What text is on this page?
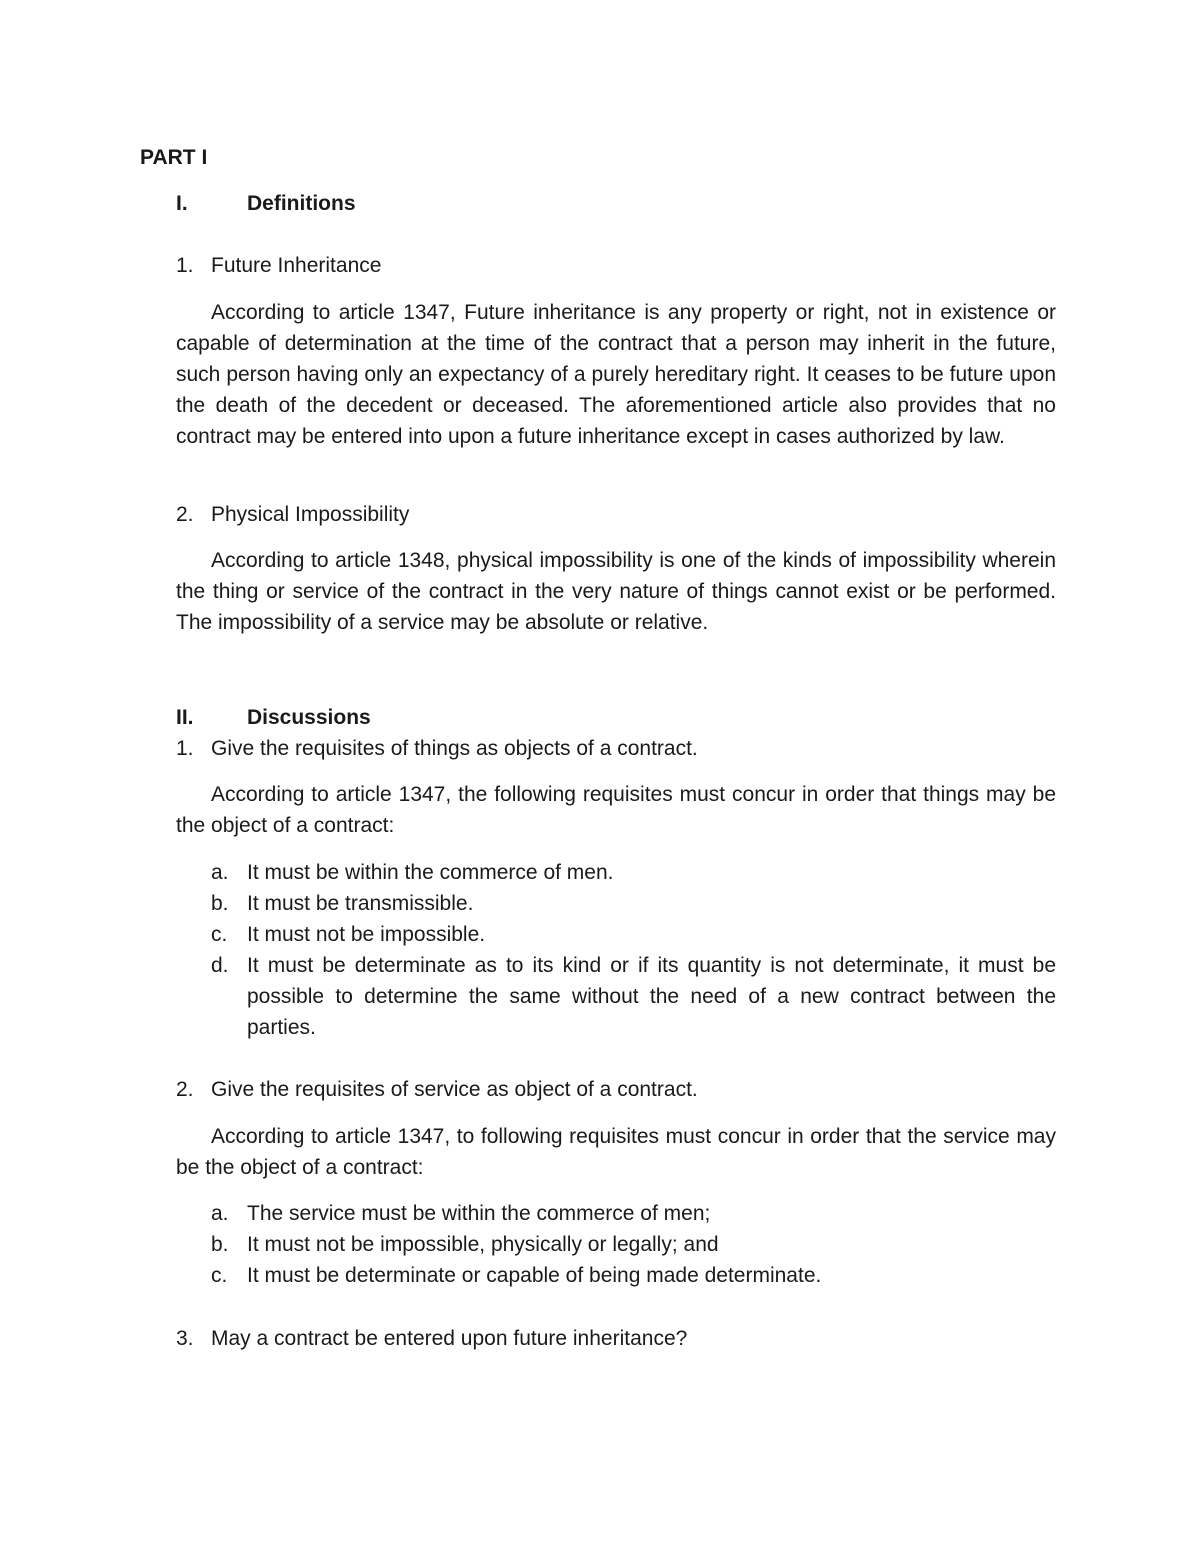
PART I
I.	Definitions
1. Future Inheritance
According to article 1347, Future inheritance is any property or right, not in existence or capable of determination at the time of the contract that a person may inherit in the future, such person having only an expectancy of a purely hereditary right. It ceases to be future upon the death of the decedent or deceased. The aforementioned article also provides that no contract may be entered into upon a future inheritance except in cases authorized by law.
2. Physical Impossibility
According to article 1348, physical impossibility is one of the kinds of impossibility wherein the thing or service of the contract in the very nature of things cannot exist or be performed. The impossibility of a service may be absolute or relative.
II.	Discussions
1. Give the requisites of things as objects of a contract.
According to article 1347, the following requisites must concur in order that things may be the object of a contract:
a. It must be within the commerce of men.
b. It must be transmissible.
c. It must not be impossible.
d. It must be determinate as to its kind or if its quantity is not determinate, it must be possible to determine the same without the need of a new contract between the parties.
2. Give the requisites of service as object of a contract.
According to article 1347, to following requisites must concur in order that the service may be the object of a contract:
a. The service must be within the commerce of men;
b. It must not be impossible, physically or legally; and
c. It must be determinate or capable of being made determinate.
3. May a contract be entered upon future inheritance?
